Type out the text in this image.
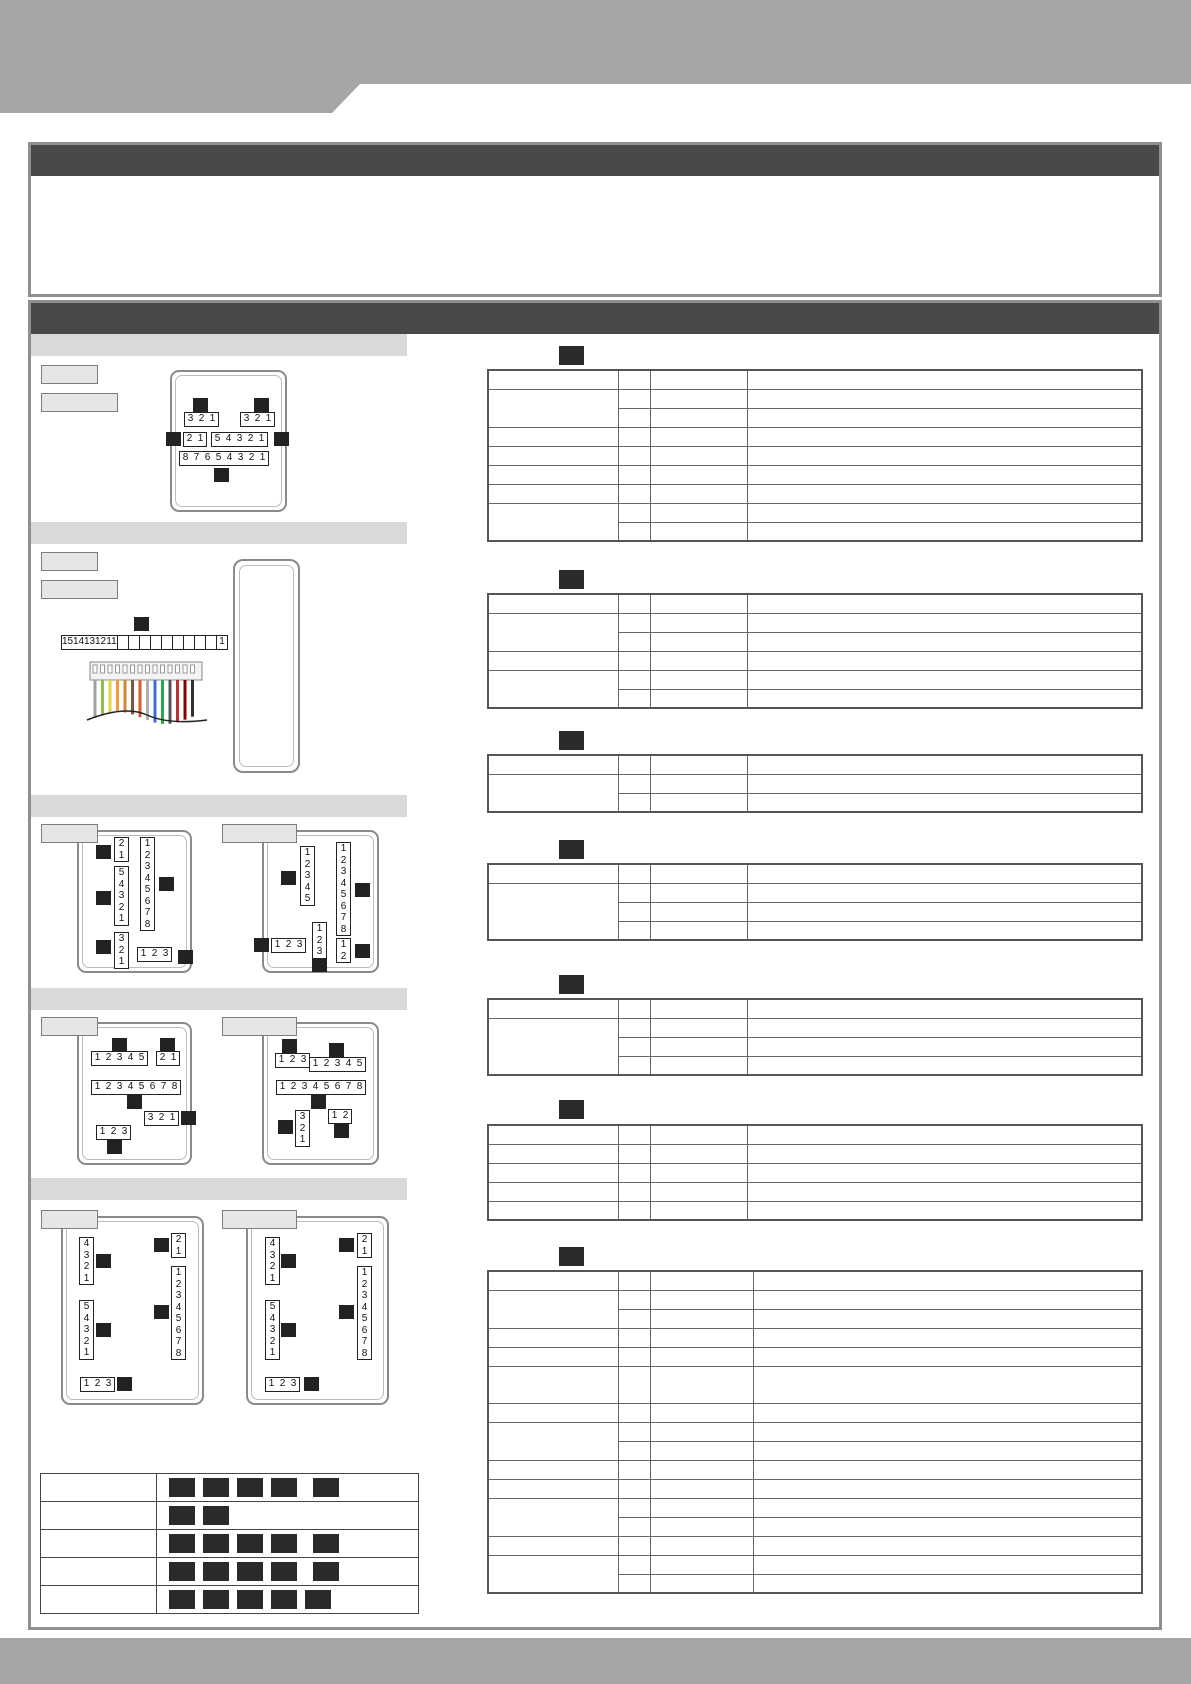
3 2 1	3 2 1
2 1 5 4 3 2 1
8 7 6 5 4 3 2 1
15 14 13 12 11	1
2
1
1
2
3
4
5
6
7
8
5
4
3
2
1
3
2
1
1 2 3
1
2
3
4
5
1
2
3
4
5
6
7
8
1
2
3
1 2 3	1
2
1 2 3 4 5 2 1
1 2 3 4 5 6 7 8
3 2 1
1 2 3
1 2 3 1 2 3 4 5
1 2 3 4 5 6 7 8
3
2
1
1 2
4
3
2
1
2
1
1
2
3
4
5
6
7
8
5
4
3
2
1
1 2 3
4
3
2
1
2
1
1
2
3
4
5
6
7
8
5
4
3
2
1
1 2 3
